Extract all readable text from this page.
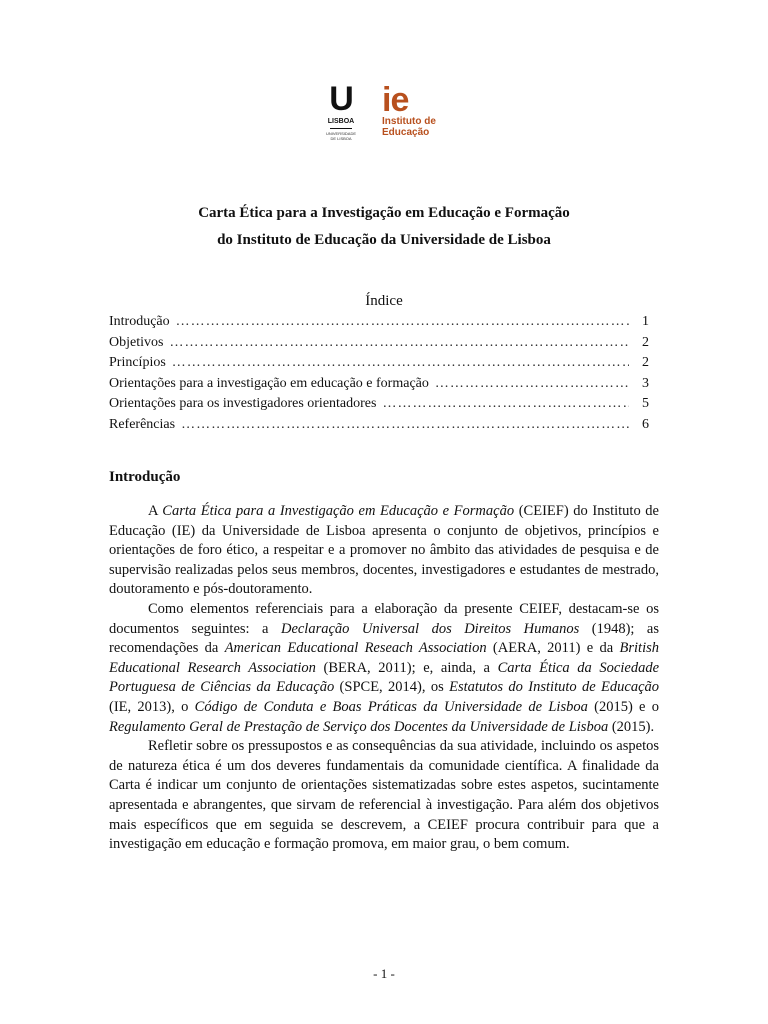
U
LISBOA
UNIVERSIDADE DE LISBOA
ie
Instituto de
Educação
Carta Ética para a Investigação em Educação e Formação
do Instituto de Educação da Universidade de Lisboa
Índice
Introdução ………………………………………………………………………………………………………………………………………	1
Objetivos ………………………………………………………………………………………………………………………………………	2
Princípios ………………………………………………………………………………………………………………………………………	2
Orientações para a investigação em educação e formação ………………………………………………………………………………………………………………………………………	3
Orientações para os investigadores orientadores ………………………………………………………………………………………………………………………………………	5
Referências ………………………………………………………………………………………………………………………………………	6
Introdução

A Carta Ética para a Investigação em Educação e Formação (CEIEF) do Instituto de Educação (IE) da Universidade de Lisboa apresenta o conjunto de objetivos, princípios e orientações de foro ético, a respeitar e a promover no âmbito das atividades de pesquisa e de supervisão realizadas pelos seus membros, docentes, investigadores e estudantes de mestrado, doutoramento e pós-doutoramento.

Como elementos referenciais para a elaboração da presente CEIEF, destacam-se os documentos seguintes: a Declaração Universal dos Direitos Humanos (1948); as recomendações da American Educational Reseach Association (AERA, 2011) e da British Educational Research Association (BERA, 2011); e, ainda, a Carta Ética da Sociedade Portuguesa de Ciências da Educação (SPCE, 2014), os Estatutos do Instituto de Educação (IE, 2013), o Código de Conduta e Boas Práticas da Universidade de Lisboa (2015) e o Regulamento Geral de Prestação de Serviço dos Docentes da Universidade de Lisboa (2015).

Refletir sobre os pressupostos e as consequências da sua atividade, incluindo os aspetos de natureza ética é um dos deveres fundamentais da comunidade científica. A finalidade da Carta é indicar um conjunto de orientações sistematizadas sobre estes aspetos, sucintamente apresentada e abrangentes, que sirvam de referencial à investigação. Para além dos objetivos mais específicos que em seguida se descrevem, a CEIEF procura contribuir para que a investigação em educação e formação promova, em maior grau, o bem comum.

- 1 -
